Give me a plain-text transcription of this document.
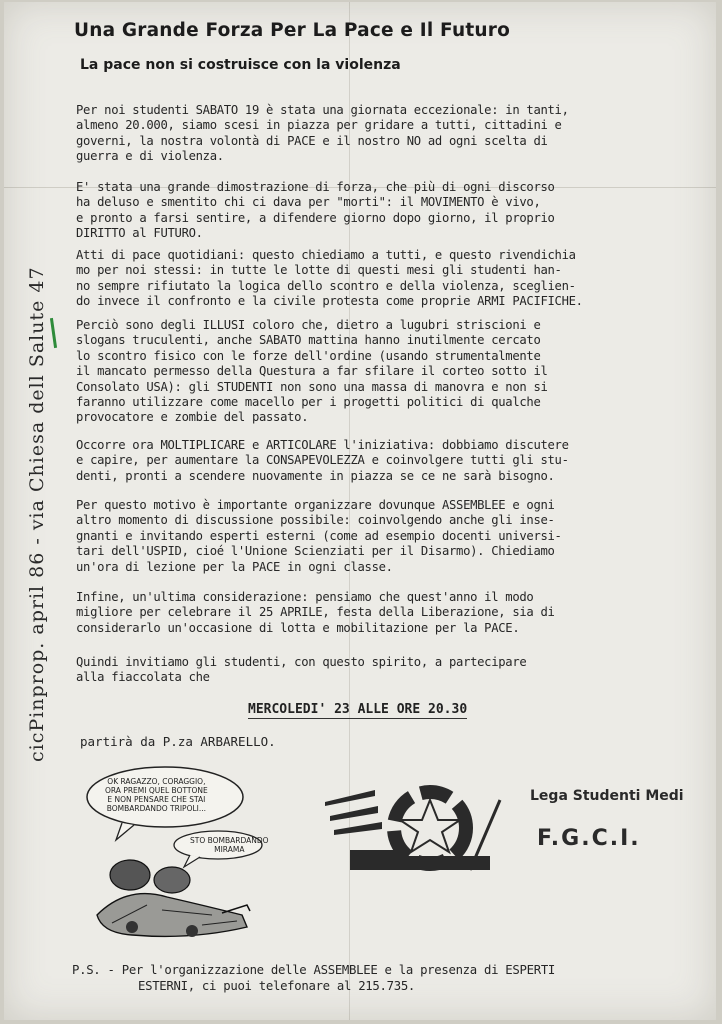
Una Grande Forza Per La Pace e Il Futuro
La pace non si costruisce con la violenza
Per noi studenti SABATO 19 è stata una giornata eccezionale: in tanti,
almeno 20.000, siamo scesi in piazza per gridare a tutti, cittadini e
governi, la nostra volontà di PACE e il nostro NO ad ogni scelta di
guerra e di violenza.
E' stata una grande dimostrazione di forza, che più di ogni discorso
ha deluso e smentito chi ci dava per "morti": il MOVIMENTO è vivo,
e pronto a farsi sentire, a difendere giorno dopo giorno, il proprio
DIRITTO al FUTURO.
Atti di pace quotidiani: questo chiediamo a tutti, e questo rivendichia
mo per noi stessi: in tutte le lotte di questi mesi gli studenti han-
no sempre rifiutato la logica dello scontro e della violenza, sceglien-
do invece il confronto e la civile protesta come proprie ARMI PACIFICHE.
Perciò sono degli ILLUSI coloro che, dietro a lugubri striscioni e
slogans truculenti, anche SABATO mattina hanno inutilmente cercato
lo scontro fisico con le forze dell'ordine (usando strumentalmente
il mancato permesso della Questura a far sfilare il corteo sotto il
Consolato USA): gli STUDENTI non sono una massa di manovra e non si
faranno utilizzare come macello per i progetti politici di qualche
provocatore e zombie del passato.
Occorre ora MOLTIPLICARE e ARTICOLARE l'iniziativa: dobbiamo discutere
e capire, per aumentare la CONSAPEVOLEZZA e coinvolgere tutti gli stu-
denti, pronti a scendere nuovamente in piazza se ce ne sarà bisogno.
Per questo motivo è importante organizzare dovunque ASSEMBLEE e ogni
altro momento di discussione possibile: coinvolgendo anche gli inse-
gnanti e invitando esperti esterni (come ad esempio docenti universi-
tari dell'USPID, cioé l'Unione Scienziati per il Disarmo). Chiediamo
un'ora di lezione per la PACE in ogni classe.
Infine, un'ultima considerazione: pensiamo che quest'anno il modo
migliore per celebrare il 25 APRILE, festa della Liberazione, sia di
considerarlo un'occasione di lotta e mobilitazione per la PACE.
Quindi invitiamo gli studenti, con questo spirito, a partecipare
alla fiaccolata che
MERCOLEDI' 23 ALLE ORE 20.30
partirà da P.za ARBARELLO.
cicPinprop. april 86 - via Chiesa dell Salute 47
OK RAGAZZO, CORAGGIO,
ORA PREMI QUEL BOTTONE
E NON PENSARE CHE STAI
BOMBARDANDO TRIPOLI...
STO BOMBARDANDO
MIRAMA
Lega Studenti Medi
F.G.C.I.
P.S. - Per l'organizzazione delle ASSEMBLEE e la presenza di ESPERTI
ESTERNI, ci puoi telefonare al 215.735.
